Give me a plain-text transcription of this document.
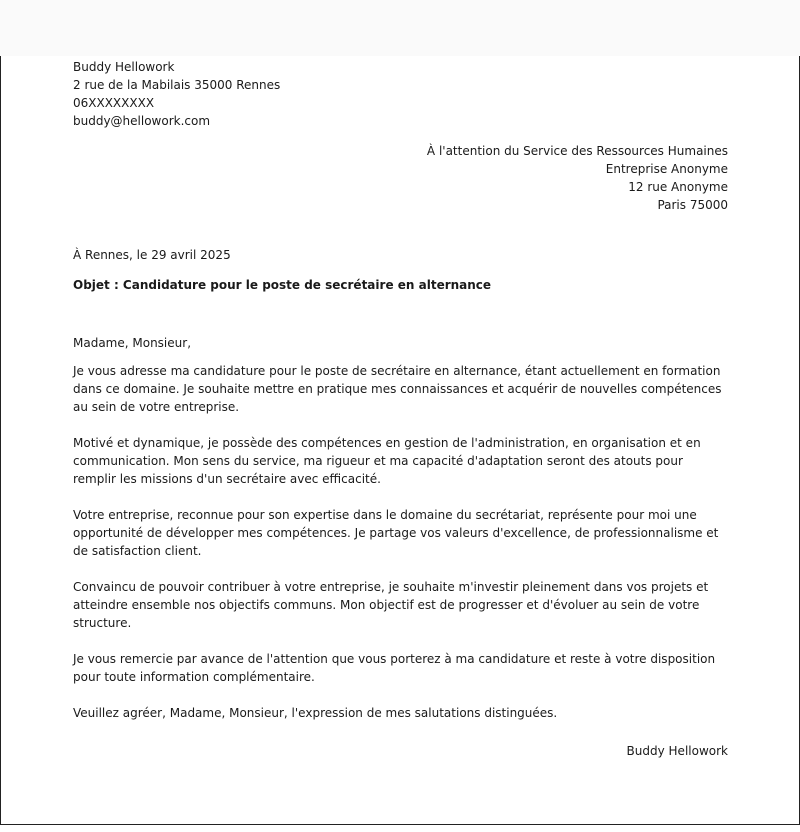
Buddy Hellowork
2 rue de la Mabilais 35000 Rennes
06XXXXXXXX
buddy@hellowork.com
À l'attention du Service des Ressources Humaines
Entreprise Anonyme
12 rue Anonyme
Paris 75000
À Rennes, le 29 avril 2025
Objet : Candidature pour le poste de secrétaire en alternance
Madame, Monsieur,

Je vous adresse ma candidature pour le poste de secrétaire en alternance, étant actuellement en formation dans ce domaine. Je souhaite mettre en pratique mes connaissances et acquérir de nouvelles compétences au sein de votre entreprise.

Motivé et dynamique, je possède des compétences en gestion de l'administration, en organisation et en communication. Mon sens du service, ma rigueur et ma capacité d'adaptation seront des atouts pour remplir les missions d'un secrétaire avec efficacité.

Votre entreprise, reconnue pour son expertise dans le domaine du secrétariat, représente pour moi une opportunité de développer mes compétences. Je partage vos valeurs d'excellence, de professionnalisme et de satisfaction client.

Convaincu de pouvoir contribuer à votre entreprise, je souhaite m'investir pleinement dans vos projets et atteindre ensemble nos objectifs communs. Mon objectif est de progresser et d'évoluer au sein de votre structure.

Je vous remercie par avance de l'attention que vous porterez à ma candidature et reste à votre disposition pour toute information complémentaire.

Veuillez agréer, Madame, Monsieur, l'expression de mes salutations distinguées.

Buddy Hellowork
